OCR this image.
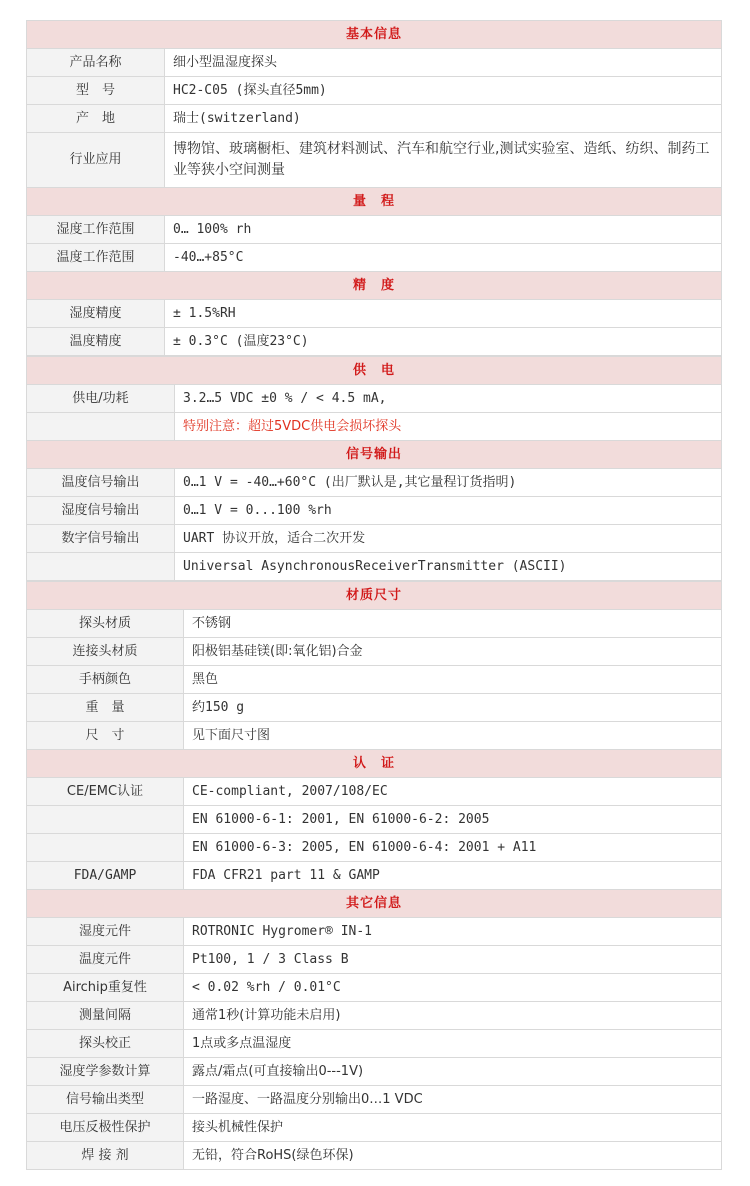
基本信息	
产品名称	细小型温湿度探头
型　号	HC2-C05 (探头直径5mm)
产　地	瑞士(switzerland)
行业应用	博物馆、玻璃橱柜、建筑材料测试、汽车和航空行业,测试实验室、造纸、纺织、制药工业等狭小空间测量
量　程	
湿度工作范围	0… 100% rh
温度工作范围	-40…+85°C
精　度	
湿度精度	± 1.5%RH
温度精度	± 0.3°C (温度23°C)
供　电	
供电/功耗	3.2…5 VDC ±0 % / < 4.5 mA,
	特别注意：超过5VDC供电会损坏探头
信号输出	
温度信号输出	0…1 V = -40…+60°C (出厂默认是,其它量程订货指明)
湿度信号输出	0…1 V = 0...100 %rh
数字信号输出	UART 协议开放，适合二次开发
	Universal AsynchronousReceiverTransmitter (ASCII)
材质尺寸	
探头材质	不锈钢
连接头材质	阳极铝基硅镁(即:氧化铝)合金
手柄颜色	黑色
重　量	约150 g
尺　寸	见下面尺寸图
认　证	
CE/EMC认证	CE-compliant, 2007/108/EC
	EN 61000-6-1: 2001, EN 61000-6-2: 2005
	EN 61000-6-3: 2005, EN 61000-6-4: 2001 + A11
FDA/GAMP	FDA CFR21 part 11 & GAMP
其它信息	
湿度元件	ROTRONIC Hygromer® IN-1
温度元件	Pt100, 1 / 3 Class B
Airchip重复性	< 0.02 %rh / 0.01°C
测量间隔	通常1秒(计算功能未启用)
探头校正	1点或多点温湿度
湿度学参数计算	露点/霜点(可直接输出0---1V)
信号输出类型	一路湿度、一路温度分别输出0…1 VDC
电压反极性保护	接头机械性保护
焊 接 剂	无铅，符合RoHS(绿色环保)
